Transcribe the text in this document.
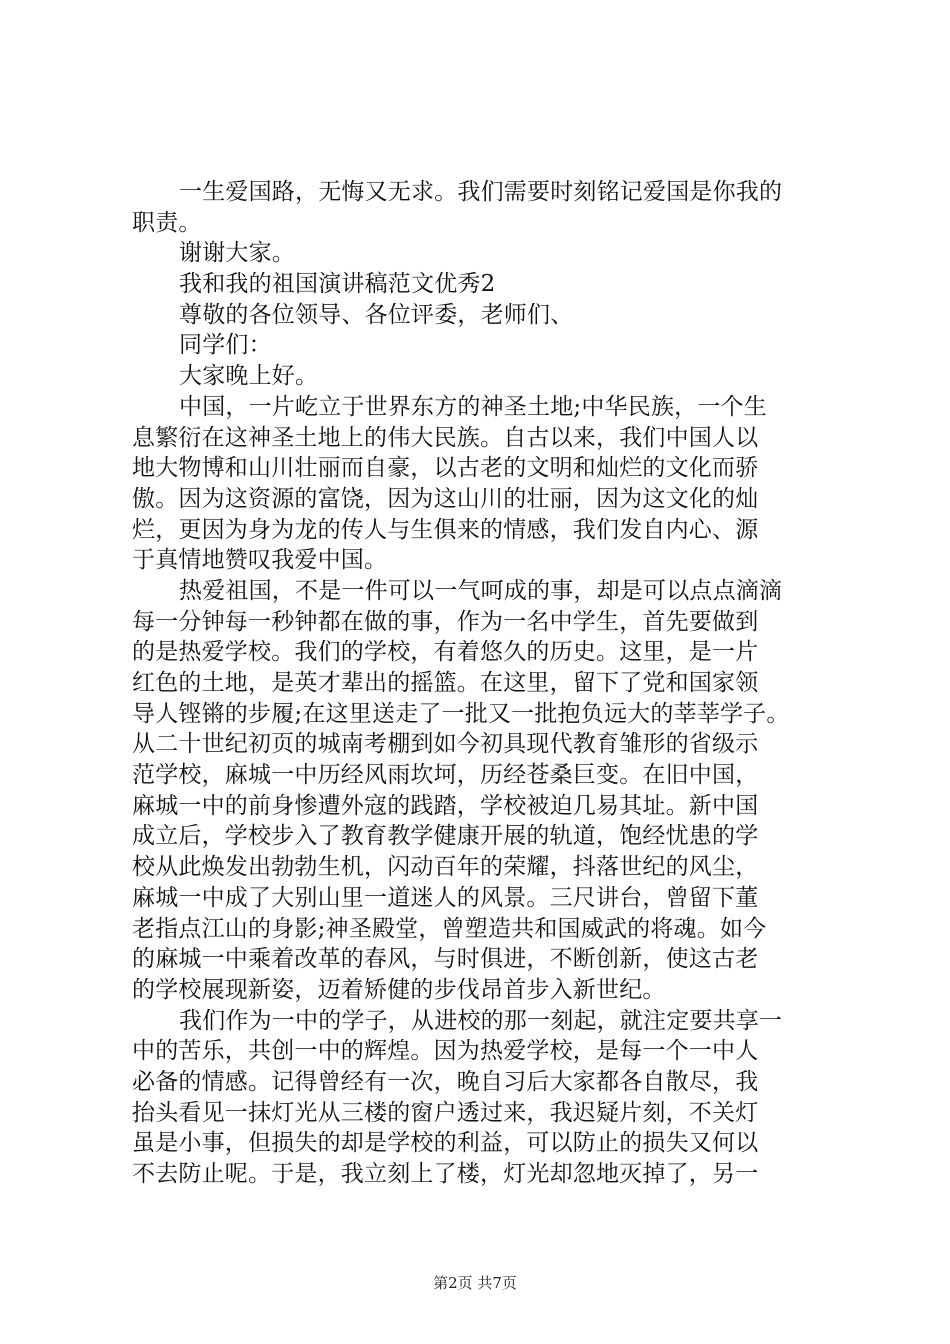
一生爱国路，无悔又无求。我们需要时刻铭记爱国是你我的
职责。
谢谢大家。
我和我的祖国演讲稿范文优秀2
尊敬的各位领导、各位评委，老师们、
同学们：
大家晚上好。
中国，一片屹立于世界东方的神圣土地;中华民族，一个生
息繁衍在这神圣土地上的伟大民族。自古以来，我们中国人以
地大物博和山川壮丽而自豪，以古老的文明和灿烂的文化而骄
傲。因为这资源的富饶，因为这山川的壮丽，因为这文化的灿
烂，更因为身为龙的传人与生俱来的情感，我们发自内心、源
于真情地赞叹我爱中国。
热爱祖国，不是一件可以一气呵成的事，却是可以点点滴滴
每一分钟每一秒钟都在做的事，作为一名中学生，首先要做到
的是热爱学校。我们的学校，有着悠久的历史。这里，是一片
红色的土地，是英才辈出的摇篮。在这里，留下了党和国家领
导人铿锵的步履;在这里送走了一批又一批抱负远大的莘莘学子。
从二十世纪初页的城南考棚到如今初具现代教育雏形的省级示
范学校，麻城一中历经风雨坎坷，历经苍桑巨变。在旧中国，
麻城一中的前身惨遭外寇的践踏，学校被迫几易其址。新中国
成立后，学校步入了教育教学健康开展的轨道，饱经忧患的学
校从此焕发出勃勃生机，闪动百年的荣耀，抖落世纪的风尘，
麻城一中成了大别山里一道迷人的风景。三尺讲台，曾留下董
老指点江山的身影;神圣殿堂，曾塑造共和国威武的将魂。如今
的麻城一中乘着改革的春风，与时俱进，不断创新，使这古老
的学校展现新姿，迈着矫健的步伐昂首步入新世纪。
我们作为一中的学子，从进校的那一刻起，就注定要共享一
中的苦乐，共创一中的辉煌。因为热爱学校，是每一个一中人
必备的情感。记得曾经有一次，晚自习后大家都各自散尽，我
抬头看见一抹灯光从三楼的窗户透过来，我迟疑片刻，不关灯
虽是小事，但损失的却是学校的利益，可以防止的损失又何以
不去防止呢。于是，我立刻上了楼，灯光却忽地灭掉了，另一
第2页 共7页
